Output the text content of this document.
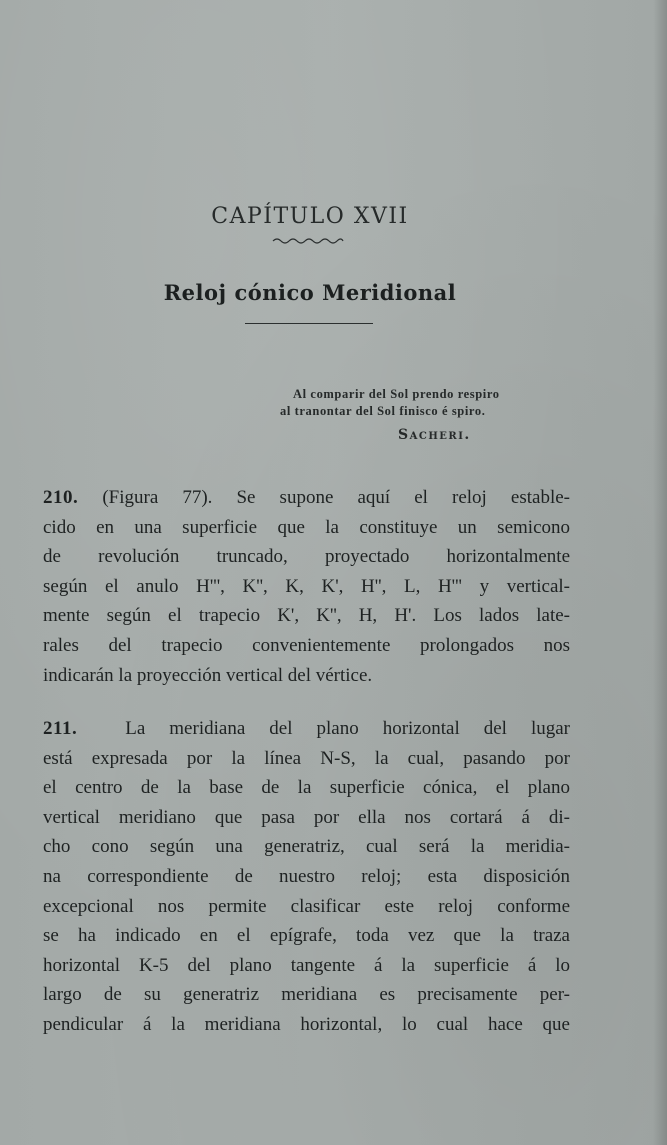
CAPÍTULO XVII
Reloj cónico Meridional
Al comparir del Sol prendo respiro
al tranontar del Sol finisco é spiro.
Sacheri.
210. (Figura 77). Se supone aquí el reloj estable-
cido en una superficie que la constituye un semicono
de revolución truncado, proyectado horizontalmente
según el anulo H''', K'', K, K', H'', L, H''' y vertical-
mente según el trapecio K', K'', H, H'. Los lados late-
rales del trapecio convenientemente prolongados nos
indicarán la proyección vertical del vértice.
211.	La meridiana del plano horizontal del lugar
está expresada por la línea N-S, la cual, pasando por
el centro de la base de la superficie cónica, el plano
vertical meridiano que pasa por ella nos cortará á di-
cho cono según una generatriz, cual será la meridia-
na correspondiente de nuestro reloj; esta disposición
excepcional nos permite clasificar este reloj conforme
se ha indicado en el epígrafe, toda vez que la traza
horizontal K-5 del plano tangente á la superficie á lo
largo de su generatriz meridiana es precisamente per-
pendicular á la meridiana horizontal, lo cual hace que
